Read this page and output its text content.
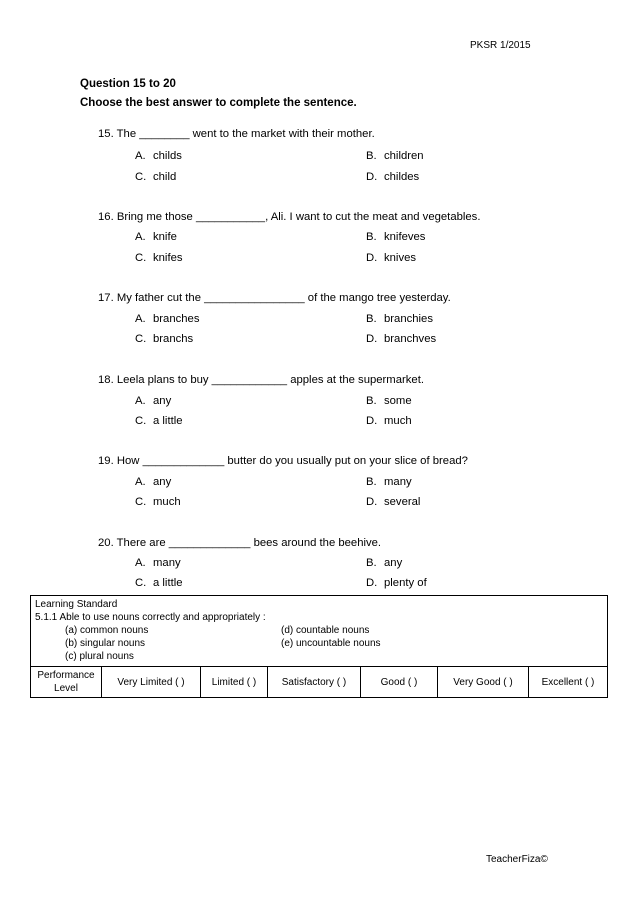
PKSR 1/2015
Question 15 to 20
Choose the best answer to complete the sentence.
15. The ________ went to the market with their mother.
A. childs	B. children
C. child	D. childes
16. Bring me those ___________, Ali. I want to cut the meat and vegetables.
A. knife	B. knifeves
C. knifes	D. knives
17. My father cut the ________________ of the mango tree yesterday.
A. branches	B. branchies
C. branchs	D. branchves
18. Leela plans to buy ____________ apples at the supermarket.
A. any	B. some
C. a little	D. much
19. How _____________ butter do you usually put on your slice of bread?
A. any	B. many
C. much	D. several
20. There are _____________ bees around the beehive.
A. many	B. any
C. a little	D. plenty of
Learning Standard
5.1.1 Able to use nouns correctly and appropriately :
(a) common nouns	(d) countable nouns
(b) singular nouns	(e) uncountable nouns
(c) plural nouns

Performance
Level
	Very Limited ( )	Limited ( )	Satisfactory ( )	Good ( )	Very Good ( )	Excellent ( )
TeacherFiza©
